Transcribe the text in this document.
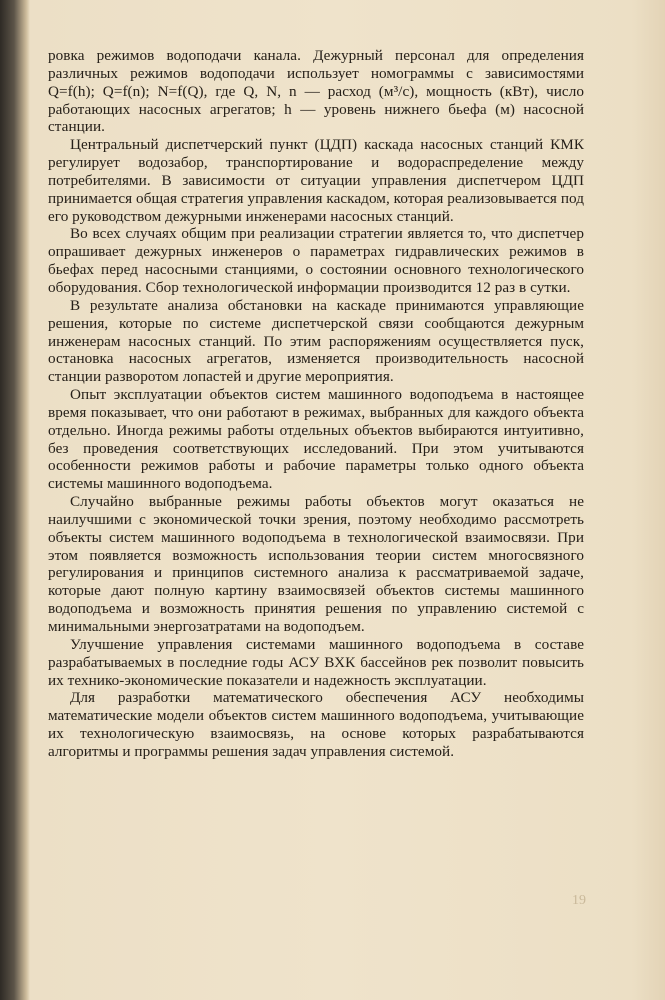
ровка режимов водоподачи канала. Дежурный персонал для определения различных режимов водоподачи использует номограммы с зависимостями Q=f(h); Q=f(n); N=f(Q), где Q, N, n — расход (м³/с), мощность (кВт), число работающих насосных агрегатов; h — уровень нижнего бьефа (м) насосной станции.

Центральный диспетчерский пункт (ЦДП) каскада насосных станций КМК регулирует водозабор, транспортирование и водораспределение между потребителями. В зависимости от ситуации управления диспетчером ЦДП принимается общая стратегия управления каскадом, которая реализовывается под его руководством дежурными инженерами насосных станций.

Во всех случаях общим при реализации стратегии является то, что диспетчер опрашивает дежурных инженеров о параметрах гидравлических режимов в бьефах перед насосными станциями, о состоянии основного технологического оборудования. Сбор технологической информации производится 12 раз в сутки.

В результате анализа обстановки на каскаде принимаются управляющие решения, которые по системе диспетчерской связи сообщаются дежурным инженерам насосных станций. По этим распоряжениям осуществляется пуск, остановка насосных агрегатов, изменяется производительность насосной станции разворотом лопастей и другие мероприятия.

Опыт эксплуатации объектов систем машинного водоподъема в настоящее время показывает, что они работают в режимах, выбранных для каждого объекта отдельно. Иногда режимы работы отдельных объектов выбираются интуитивно, без проведения соответствующих исследований. При этом учитываются особенности режимов работы и рабочие параметры только одного объекта системы машинного водоподъема.

Случайно выбранные режимы работы объектов могут оказаться не наилучшими с экономической точки зрения, поэтому необходимо рассмотреть объекты систем машинного водоподъема в технологической взаимосвязи. При этом появляется возможность использования теории систем многосвязного регулирования и принципов системного анализа к рассматриваемой задаче, которые дают полную картину взаимосвязей объектов системы машинного водоподъема и возможность принятия решения по управлению системой с минимальными энергозатратами на водоподъем.

Улучшение управления системами машинного водоподъема в составе разрабатываемых в последние годы АСУ ВХК бассейнов рек позволит повысить их технико-экономические показатели и надежность эксплуатации.

Для разработки математического обеспечения АСУ необходимы математические модели объектов систем машинного водоподъема, учитывающие их технологическую взаимосвязь, на основе которых разрабатываются алгоритмы и программы решения задач управления системой.

19
